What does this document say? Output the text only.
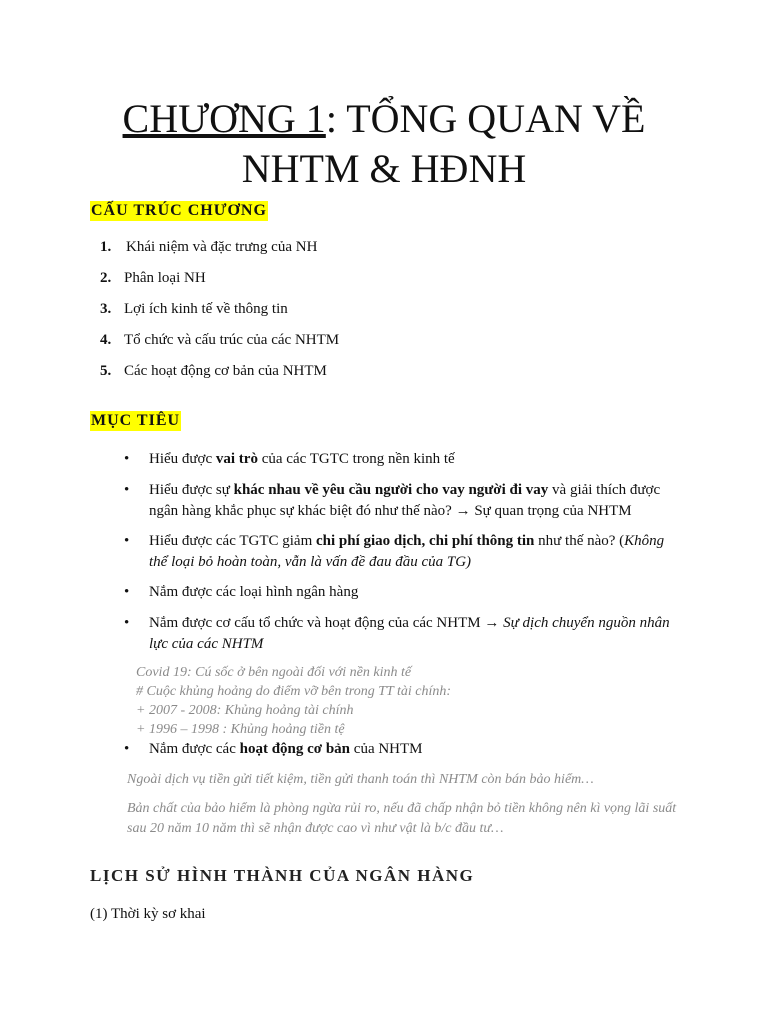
CHƯƠNG 1: TỔNG QUAN VỀ
NHTM & HĐNH
CẤU TRÚC CHƯƠNG
1. Khái niệm và đặc trưng của NH
2. Phân loại NH
3. Lợi ích kinh tế về thông tin
4. Tổ chức và cấu trúc của các NHTM
5. Các hoạt động cơ bản của NHTM
MỤC TIÊU
• Hiểu được vai trò của các TGTC trong nền kinh tế
• Hiểu được sự khác nhau về yêu cầu người cho vay người đi vay và giải thích được
ngân hàng khắc phục sự khác biệt đó như thế nào? → Sự quan trọng của NHTM
• Hiểu được các TGTC giảm chi phí giao dịch, chi phí thông tin như thế nào? (Không
thể loại bỏ hoàn toàn, vẫn là vấn đề đau đầu của TG)
• Nắm được các loại hình ngân hàng
• Nắm được cơ cấu tổ chức và hoạt động của các NHTM → Sự dịch chuyển nguồn nhân
lực của các NHTM
Covid 19: Cú sốc ở bên ngoài đối với nền kinh tế
# Cuộc khủng hoảng do điểm vỡ bên trong TT tài chính:
+ 2007 - 2008: Khủng hoảng tài chính
+ 1996 – 1998 : Khủng hoảng tiền tệ
• Nắm được các hoạt động cơ bản của NHTM
Ngoài dịch vụ tiền gửi tiết kiệm, tiền gửi thanh toán thì NHTM còn bán bảo hiểm…
Bản chất của bảo hiểm là phòng ngừa rủi ro, nếu đã chấp nhận bỏ tiền không nên kì vọng lãi suất
sau 20 năm 10 năm thì sẽ nhận được cao vì như vật là b/c đầu tư…
LỊCH SỬ HÌNH THÀNH CỦA NGÂN HÀNG
(1) Thời kỳ sơ khai
